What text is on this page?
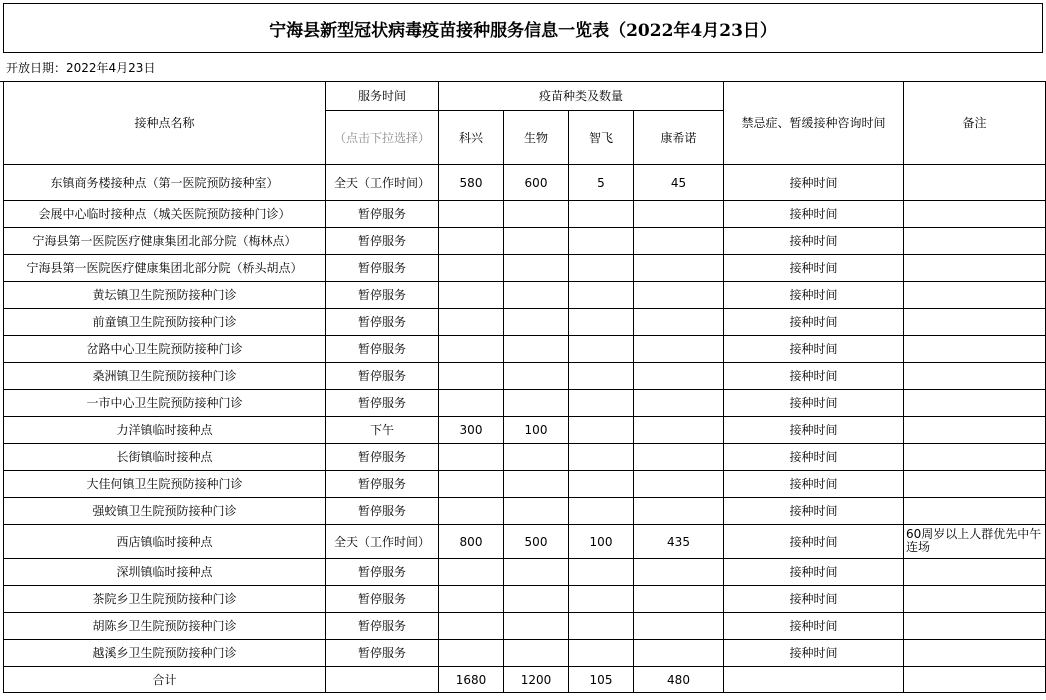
宁海县新型冠状病毒疫苗接种服务信息一览表（2022年4月23日）
开放日期：2022年4月23日
接种点名称	服务时间	疫苗种类及数量				禁忌症、暂缓接种咨询时间	备注
	（点击下拉选择）	科兴	生物	智飞	康希诺		
东镇商务楼接种点（第一医院预防接种室）	全天（工作时间）	580	600	5	45	接种时间	
会展中心临时接种点（城关医院预防接种门诊）	暂停服务					接种时间	
宁海县第一医院医疗健康集团北部分院（梅林点）	暂停服务					接种时间	
宁海县第一医院医疗健康集团北部分院（桥头胡点）	暂停服务					接种时间	
黄坛镇卫生院预防接种门诊	暂停服务					接种时间	
前童镇卫生院预防接种门诊	暂停服务					接种时间	
岔路中心卫生院预防接种门诊	暂停服务					接种时间	
桑洲镇卫生院预防接种门诊	暂停服务					接种时间	
一市中心卫生院预防接种门诊	暂停服务					接种时间	
力洋镇临时接种点	下午	300	100			接种时间	
长街镇临时接种点	暂停服务					接种时间	
大佳何镇卫生院预防接种门诊	暂停服务					接种时间	
强蛟镇卫生院预防接种门诊	暂停服务					接种时间	
西店镇临时接种点	全天（工作时间）	800	500	100	435	接种时间	60周岁以上人群优先中午连场
深圳镇临时接种点	暂停服务					接种时间	
茶院乡卫生院预防接种门诊	暂停服务					接种时间	
胡陈乡卫生院预防接种门诊	暂停服务					接种时间	
越溪乡卫生院预防接种门诊	暂停服务					接种时间	
合计		1680	1200	105	480		
